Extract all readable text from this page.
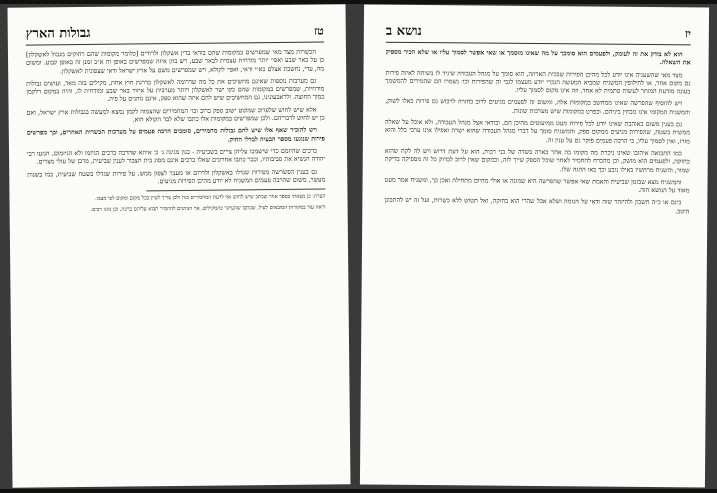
טז
גבולות הארץ

הכשרות מצד מאי שמפרשים במקומות שהם בודאי בדין אשקלון ולרודים [כלומר מקומות שהם רחוקים מגבול לאשקלון] כן על כאר שבע ואפי׳ יותר מודחית עצמית לבאר שבע, ויש בהן איזה שמפרשים באופן זה א״כ זמנן זה באופן קבוע. ומשום מה, עדי, נחשבת אצלם כא״י ודאי, ואפי׳ לקולא, ויש שמפרשים משם על ארץ ישראל ודאי שצפונית לאשקלון.

גם מערבות נוספות שאינם מחשיבים את כל מה שדרומה לאשקלון כדרגת חוץ אחת, מקילים בזה מאד, ועושים גבולות מודחיות, שמפרשים במקומות שהם כקו ישר לאשקלון ויותר מערבית על איזור באר שבע ומודחית לו, והיה במקום דלקמן כמוך החוצה. ולראבעונינו, גם המחשיבים שיש להם איזה שהוא ספק, אינם נוהגים על פיה.

אלא שיש לחוש שלפרוכ שמקום ישוב ספק ברוב וכו׳ המחמירים שהצמוה לקמן נמצא למעשה בגבולות ארץ ישראל, ואם כן יש לחוש לדבריהם. ולכן שמפרשים במקומות אלו כתבו שלא לבד הקולא הוא.

ויש להזכיר שאף אלו שיש להם גבולות מחמירים, סומכים הרבה פעמים על מערכות הכשרות האחרים, וכך מפרשים פירות שנוגעו מספר הבעיה לבדלי החוק.

כרכים שהיזמם כדי שישמכו עליהן צייים בשביעית - כגון מגינה ג׳ כ׳ איתא שהרבה כרכים הגיזמו ולא הגיזמום, הגזעו רבי יהודה הנשיא את סביבותיו, וכבר כתבו אחרונים שאלו כרכים אינם מסוג בית הצבור לענין שביעית, מרבן של עולי מצרים.

גם בענין הפשרשה מפירות שגדלו באשקלון ולדרום או מעבר לצפון ממש, על פירות שגדלו בשטח שביעית, כמו בשנות מעשר, משום שהרבה פעמים המשגיח לא יודע מהיכן הפירות מגיעים.

הערה: כן מצאתי בספר אחר שכתב שיש לחוש אף לדעת המחמירים בזה ולכן צריך לעיין בכל מקום ומקום לפי מצבו.

וראה עוד במקורות המובאים לעיל, שכתבו שהעיקר כהמקילים, אך הנוהגים להחמיר תבוא עליהם ברכה, וכן נהגו רבים.

יז
נושא ב

הוא לא בודק את זה לעומק, ולפעמים הוא סומכך על מה שאינו מוסמך או שאי אפשר לסמוך עליו או שלא הכיר מספיק את השאלה.

מצד מאי שהשעניה אינו יודע לכל מהיכן הפירות שבכית הארוזה, הוא סומך על מגהל העבודה שיגיד לו בשיחה לאיזה פירות גם מקום אחר, או לחילופין המשגיח שמביא המעשה הנכרי יודע מעצמו לגבי זה שהפירות וכו׳ נשמרו הם שהמירים להמשמך בעונה מודעת המותר לעשות סתמית לא אחד, וזה אינו מקום לסמוך עליו.

ויש להוסיף שהפרשה שאינו ממחשב במקומות אלה, ומשום זה לפעמים מגיעים לרוב בחזרה לרכוש גם פירות כאלו לשוק, והמשגיח המקומי אינו מבחין ביניהם. ובפרט במקומות שיש מערכות שונות.

גם בענין משום באוהבת שאינו יודע לכל פירות מעט ממיעוטים מהיכן הם, ובודאי אצל מנהל העבודה, ולא אוכל על שאלה ממשית בשטח, שהפירות מגיעים ממקום ספק, והמשגיח סומך על דברי מגהל העבודה שהוא ישרה ואפילו אינו ערבי כלל והוא מזרז, ואין לסמוך עליו, כי הרבה פעמים פוקר גם על ענין זה.

כמו התבואה איהובו שאינו ניכרת מה מקומו בה אחר בארה בשדה של בני רבות, הוא על דעת דרוש ויש לה לקח שהוא בחזקה, ולפעמים הוא מושק, וכן מהכרח להחמיר לאחר שוכל הספק שייך לזה, ובמקום שאין לרוב לבדוק כל זה מספיקה בדיקת שמור, והשגיח מרחשיו כאילו נובע וכך באו ההגה שלו.

והמשגיח מצא שבזמן שביעית והאמת שאי אפשר שהפרשה היא שמונה או אולי מהיום מתחילה ואכן כך, ומשגיח אמר מעט מאוד על הנושא הזה.

בינם או כ״ה חשבון ולהיזהר שזה ודאי על הגזמה ושלא אכל שהרי הוא בחזקה, ואל תטוש ללא כשרות, ועל זה יש להתבונן היטב.
